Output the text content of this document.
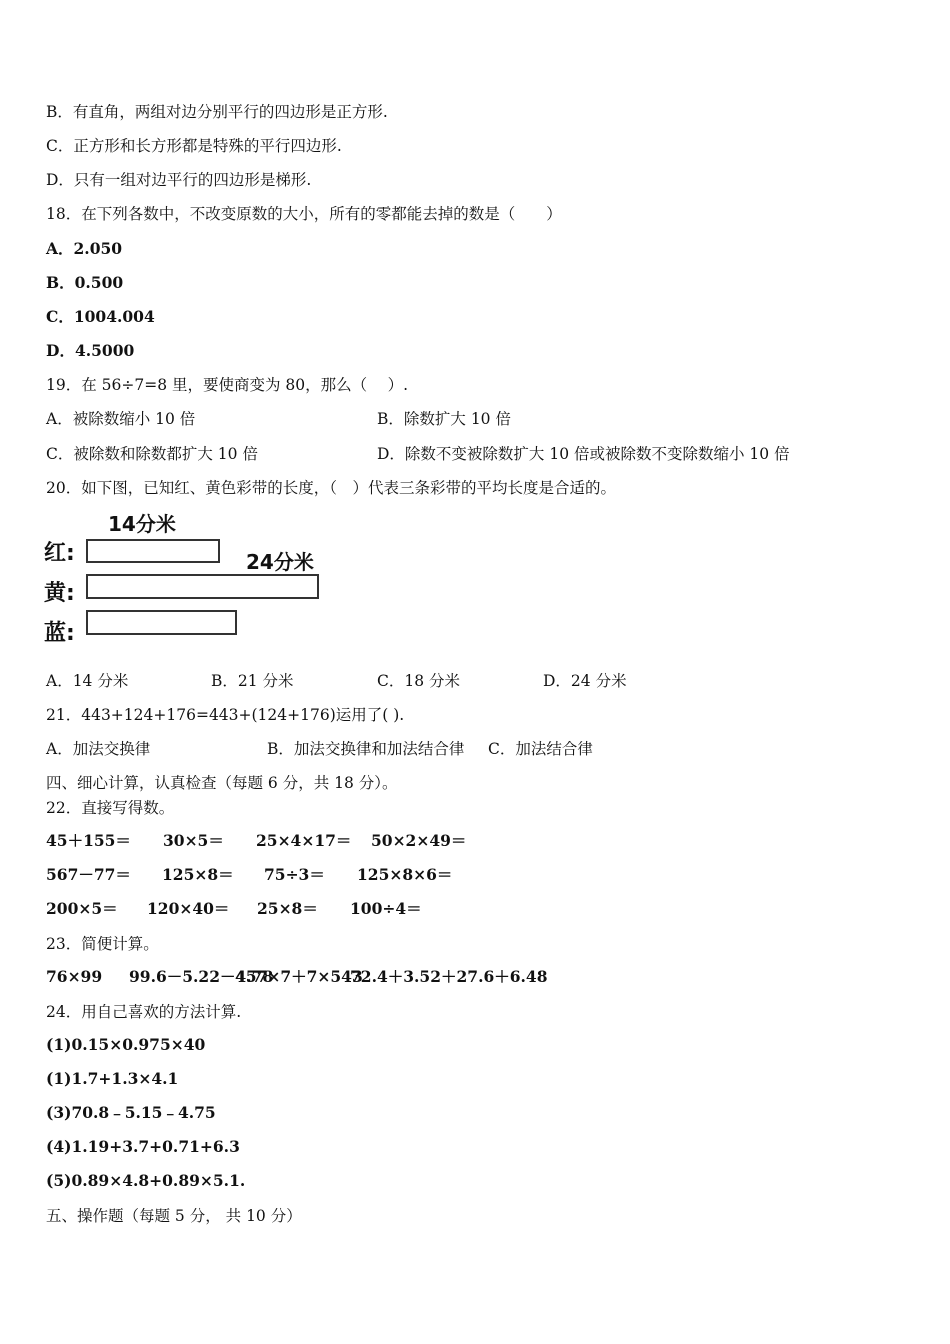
B．有直角，两组对边分别平行的四边形是正方形.
C．正方形和长方形都是特殊的平行四边形.
D．只有一组对边平行的四边形是梯形.
18．在下列各数中，不改变原数的大小，所有的零都能去掉的数是（　　）
A．2.050
B．0.500
C．1004.004
D．4.5000
19．在 56÷7=8 里，要使商变为 80，那么（　 ）.
A．被除数缩小 10 倍	B．除数扩大 10 倍
C．被除数和除数都扩大 10 倍	D．除数不变被除数扩大 10 倍或被除数不变除数缩小 10 倍
20．如下图，已知红、黄色彩带的长度，（　）代表三条彩带的平均长度是合适的。
14分米
红:	24分米
黄:
蓝:
A．14 分米	B．21 分米	C．18 分米	D．24 分米
21．443+124+176=443+(124+176)运用了( ).
A．加法交换律	B．加法交换律和加法结合律 C．加法结合律
四、细心计算，认真检查（每题 6 分，共 18 分）。
22．直接写得数。
45＋155＝ 30×5＝ 25×4×17＝ 50×2×49＝
567－77＝ 125×8＝ 75÷3＝ 125×8×6＝
200×5＝ 120×40＝ 25×8＝ 100÷4＝
23．简便计算。
76×99 99.6－5.22－4.78
457×7＋7×543
72.4＋3.52＋27.6＋6.48
24．用自己喜欢的方法计算.
(1)0.15×0.975×40
(1)1.7+1.3×4.1
(3)70.8﹣5.15﹣4.75
(4)1.19+3.7+0.71+6.3
(5)0.89×4.8+0.89×5.1.
五、操作题（每题 5 分， 共 10 分）
